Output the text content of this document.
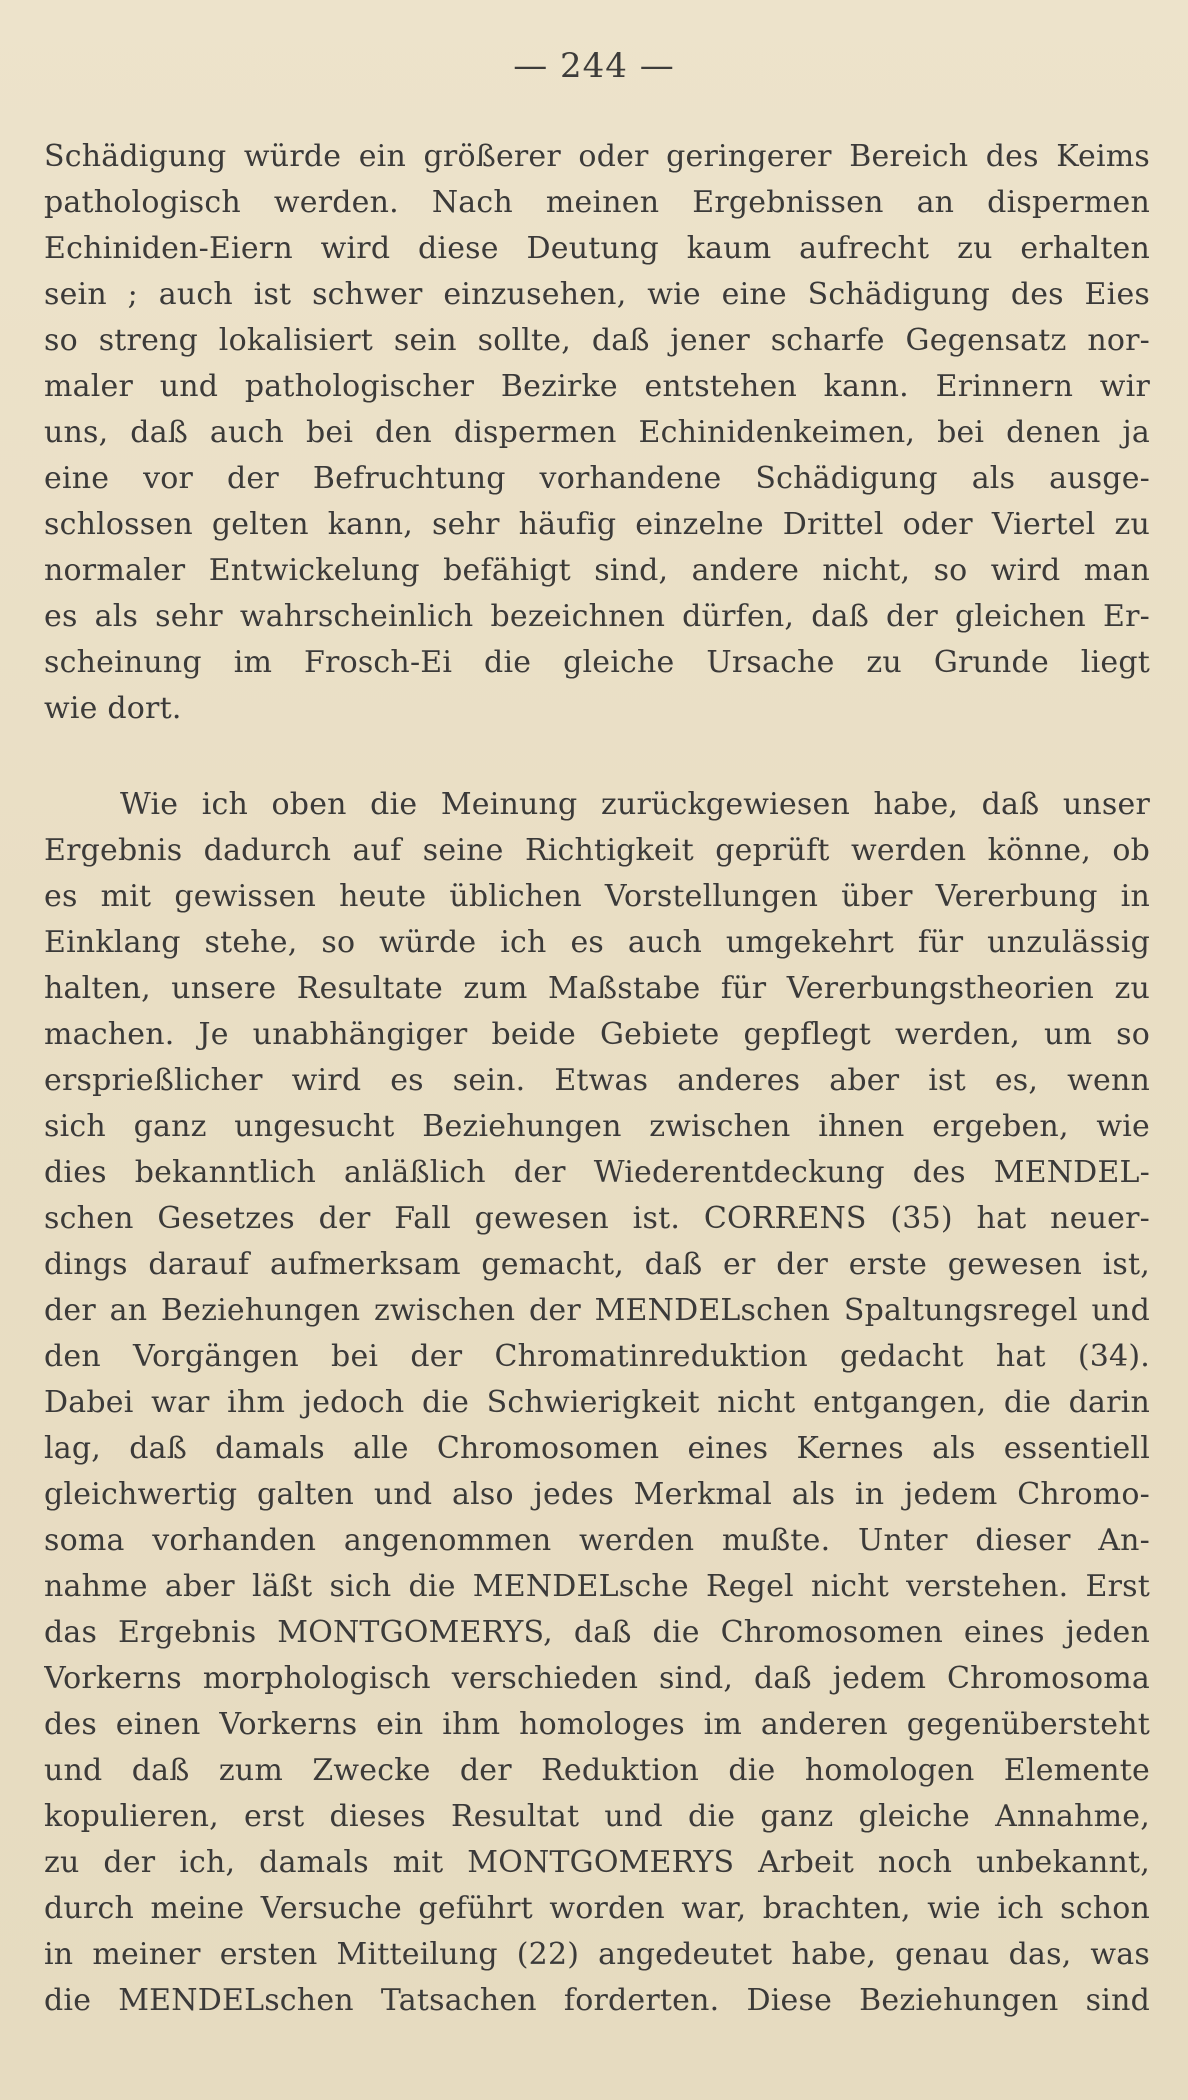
— 244 —
Schädigung würde ein größerer oder geringerer Bereich des Keims
pathologisch werden. Nach meinen Ergebnissen an dispermen
Echiniden-Eiern wird diese Deutung kaum aufrecht zu erhalten
sein ; auch ist schwer einzusehen, wie eine Schädigung des Eies
so streng lokalisiert sein sollte, daß jener scharfe Gegensatz nor-
maler und pathologischer Bezirke entstehen kann. Erinnern wir
uns, daß auch bei den dispermen Echinidenkeimen, bei denen ja
eine vor der Befruchtung vorhandene Schädigung als ausge-
schlossen gelten kann, sehr häufig einzelne Drittel oder Viertel zu
normaler Entwickelung befähigt sind, andere nicht, so wird man
es als sehr wahrscheinlich bezeichnen dürfen, daß der gleichen Er-
scheinung im Frosch-Ei die gleiche Ursache zu Grunde liegt
wie dort.
Wie ich oben die Meinung zurückgewiesen habe, daß unser
Ergebnis dadurch auf seine Richtigkeit geprüft werden könne, ob
es mit gewissen heute üblichen Vorstellungen über Vererbung in
Einklang stehe, so würde ich es auch umgekehrt für unzulässig
halten, unsere Resultate zum Maßstabe für Vererbungstheorien zu
machen. Je unabhängiger beide Gebiete gepflegt werden, um so
ersprießlicher wird es sein. Etwas anderes aber ist es, wenn
sich ganz ungesucht Beziehungen zwischen ihnen ergeben, wie
dies bekanntlich anläßlich der Wiederentdeckung des MENDEL-
schen Gesetzes der Fall gewesen ist. CORRENS (35) hat neuer-
dings darauf aufmerksam gemacht, daß er der erste gewesen ist,
der an Beziehungen zwischen der MENDELschen Spaltungsregel und
den Vorgängen bei der Chromatinreduktion gedacht hat (34).
Dabei war ihm jedoch die Schwierigkeit nicht entgangen, die darin
lag, daß damals alle Chromosomen eines Kernes als essentiell
gleichwertig galten und also jedes Merkmal als in jedem Chromo-
soma vorhanden angenommen werden mußte. Unter dieser An-
nahme aber läßt sich die MENDELsche Regel nicht verstehen. Erst
das Ergebnis MONTGOMERYS, daß die Chromosomen eines jeden
Vorkerns morphologisch verschieden sind, daß jedem Chromosoma
des einen Vorkerns ein ihm homologes im anderen gegenübersteht
und daß zum Zwecke der Reduktion die homologen Elemente
kopulieren, erst dieses Resultat und die ganz gleiche Annahme,
zu der ich, damals mit MONTGOMERYS Arbeit noch unbekannt,
durch meine Versuche geführt worden war, brachten, wie ich schon
in meiner ersten Mitteilung (22) angedeutet habe, genau das, was
die MENDELschen Tatsachen forderten. Diese Beziehungen sind
